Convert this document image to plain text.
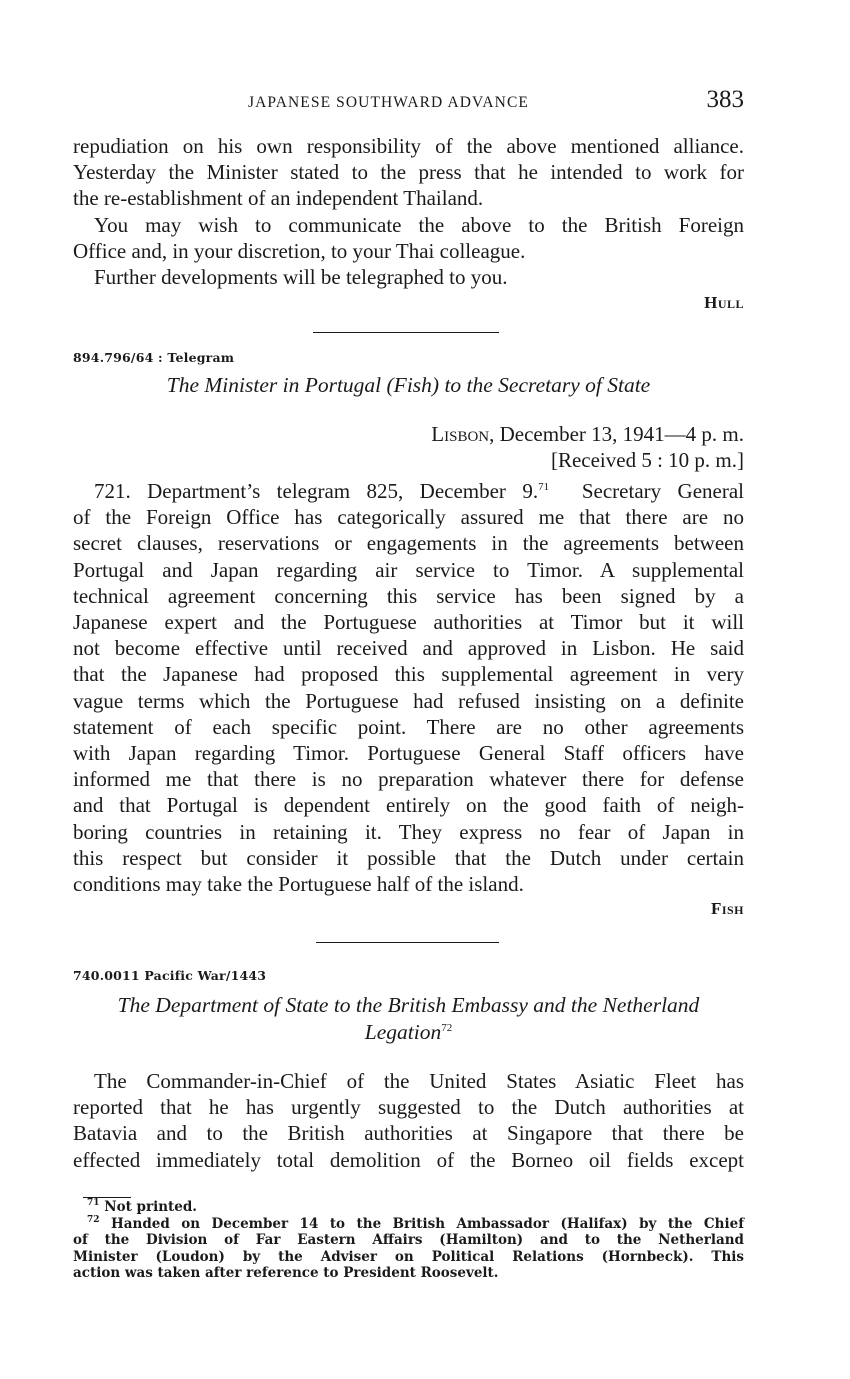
JAPANESE SOUTHWARD ADVANCE	383

repudiation on his own responsibility of the above mentioned alliance.
Yesterday the Minister stated to the press that he intended to work for
the re-establishment of an independent Thailand.

You may wish to communicate the above to the British Foreign
Office and, in your discretion, to your Thai colleague.

Further developments will be telegraphed to you.

Hull
894.796/64 : Telegram
The Minister in Portugal (Fish) to the Secretary of State
Lisbon, December 13, 1941—4 p. m.
[Received 5 : 10 p. m.]

721. Department’s telegram 825, December 9.71 Secretary General
of the Foreign Office has categorically assured me that there are no
secret clauses, reservations or engagements in the agreements between
Portugal and Japan regarding air service to Timor. A supplemental
technical agreement concerning this service has been signed by a
Japanese expert and the Portuguese authorities at Timor but it will
not become effective until received and approved in Lisbon. He said
that the Japanese had proposed this supplemental agreement in very
vague terms which the Portuguese had refused insisting on a definite
statement of each specific point. There are no other agreements
with Japan regarding Timor. Portuguese General Staff officers have
informed me that there is no preparation whatever there for defense
and that Portugal is dependent entirely on the good faith of neigh-
boring countries in retaining it. They express no fear of Japan in
this respect but consider it possible that the Dutch under certain
conditions may take the Portuguese half of the island.

Fish
740.0011 Pacific War/1443
The Department of State to the British Embassy and the Netherland
Legation$^{72}$

The Commander-in-Chief of the United States Asiatic Fleet has
reported that he has urgently suggested to the Dutch authorities at
Batavia and to the British authorities at Singapore that there be
effected immediately total demolition of the Borneo oil fields except

$^{71}$ Not printed.
$^{72}$ Handed on December 14 to the British Ambassador (Halifax) by the Chief
of the Division of Far Eastern Affairs (Hamilton) and to the Netherland
Minister (Loudon) by the Adviser on Political Relations (Hornbeck). This
action was taken after reference to President Roosevelt.
